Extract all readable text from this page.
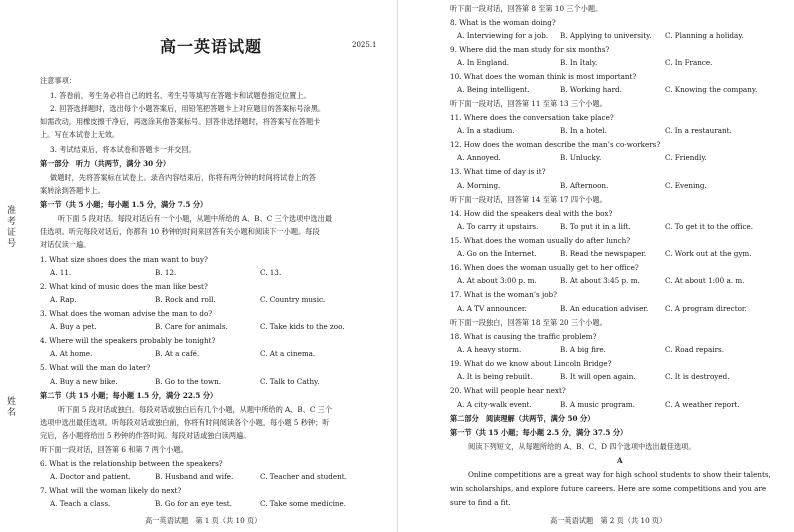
准考证号
姓名
高一英语试题	2025.1
注意事项：
1. 答卷前，考生务必将自己的姓名、考生号等填写在答题卡和试题卷指定位置上。
2. 回答选择题时，选出每个小题答案后，用铅笔把答题卡上对应题目的答案标号涂黑。
如需改动，用橡皮擦干净后，再选涂其他答案标号。回答非选择题时，将答案写在答题卡
上。写在本试卷上无效。
3. 考试结束后，将本试卷和答题卡一并交回。
第一部分　听力（共两节，满分 30 分）
做题时，先将答案标在试卷上。录音内容结束后，你将有两分钟的时间将试卷上的答
案转涂到答题卡上。
第一节（共 5 小题；每小题 1.5 分，满分 7.5 分）
听下面 5 段对话。每段对话后有一个小题，从题中所给的 A、B、C 三个选项中选出最
佳选项。听完每段对话后，你都有 10 秒钟的时间来回答有关小题和阅读下一小题。每段
对话仅读一遍。
1. What size shoes does the man want to buy?
2. What kind of music does the man like best?
3. What does the woman advise the man to do?
4. Where will the speakers probably be tonight?
5. What will the man do later?
第二节（共 15 小题；每小题 1.5 分，满分 22.5 分）
听下面 5 段对话或独白。每段对话或独白后有几个小题，从题中所给的 A、B、C 三个
选项中选出最佳选项。听每段对话或独白前，你将有时间阅读各个小题，每小题 5 秒钟；听
完后，各小题将给出 5 秒钟的作答时间。每段对话或独白读两遍。
听下面一段对话，回答第 6 和第 7 两个小题。
6. What is the relationship between the speakers?
7. What will the woman likely do next?
A. 11.	B. 12.	C. 13.
A. Rap.	B. Rock and roll.	C. Country music.
A. Buy a pet.	B. Care for animals.	C. Take kids to the zoo.
A. At home.	B. At a café.	C. At a cinema.
A. Buy a new bike.	B. Go to the town.	C. Talk to Cathy.
A. Doctor and patient.	B. Husband and wife.	C. Teacher and student.
A. Teach a class.	B. Go for an eye test.	C. Take some medicine.
高一英语试题　第 1 页（共 10 页）
听下面一段对话，回答第 8 至第 10 三个小题。
8. What is the woman doing?
9. Where did the man study for six months?
10. What does the woman think is most important?
听下面一段对话，回答第 11 至第 13 三个小题。
11. Where does the conversation take place?
12. How does the woman describe the man’s co-workers?
13. What time of day is it?
听下面一段对话，回答第 14 至第 17 四个小题。
14. How did the speakers deal with the box?
15. What does the woman usually do after lunch?
16. When does the woman usually get to her office?
17. What is the woman’s job?
听下面一段独白，回答第 18 至第 20 三个小题。
18. What is causing the traffic problem?
19. What do we know about Lincoln Bridge?
20. What will people hear next?
第二部分　阅读理解（共两节，满分 50 分）
第一节（共 15 小题；每小题 2.5 分，满分 37.5 分）
阅读下列短文，从每题所给的 A、B、C、D 四个选项中选出最佳选项。
Online competitions are a great way for high school students to show their talents,
win scholarships, and explore future careers. Here are some competitions and you are
sure to find a fit.
A. Interviewing for a job. B. Applying to university. C. Planning a holiday.
A. In England.	B. In Italy.	C. In France.
A. Being intelligent.	B. Working hard.	C. Knowing the company.
A. In a stadium.	B. In a hotel.	C. In a restaurant.
A. Annoyed.	B. Unlucky.	C. Friendly.
A. Morning.	B. Afternoon.	C. Evening.
A. To carry it upstairs.	B. To put it in a lift.	C. To get it to the office.
A. Go on the Internet.	B. Read the newspaper.	C. Work out at the gym.
A. At about 3:00 p. m.	B. At about 3:45 p. m.	C. At about 1:00 a. m.
A. A TV announcer.	B. An education adviser. C. A program director.
A. A heavy storm.	B. A big fire.	C. Road repairs.
A. It is being rebuilt.	B. It will open again.	C. It is destroyed.
A. A city-walk event.	B. A music program.	C. A weather report.
A
高一英语试题　第 2 页（共 10 页）
